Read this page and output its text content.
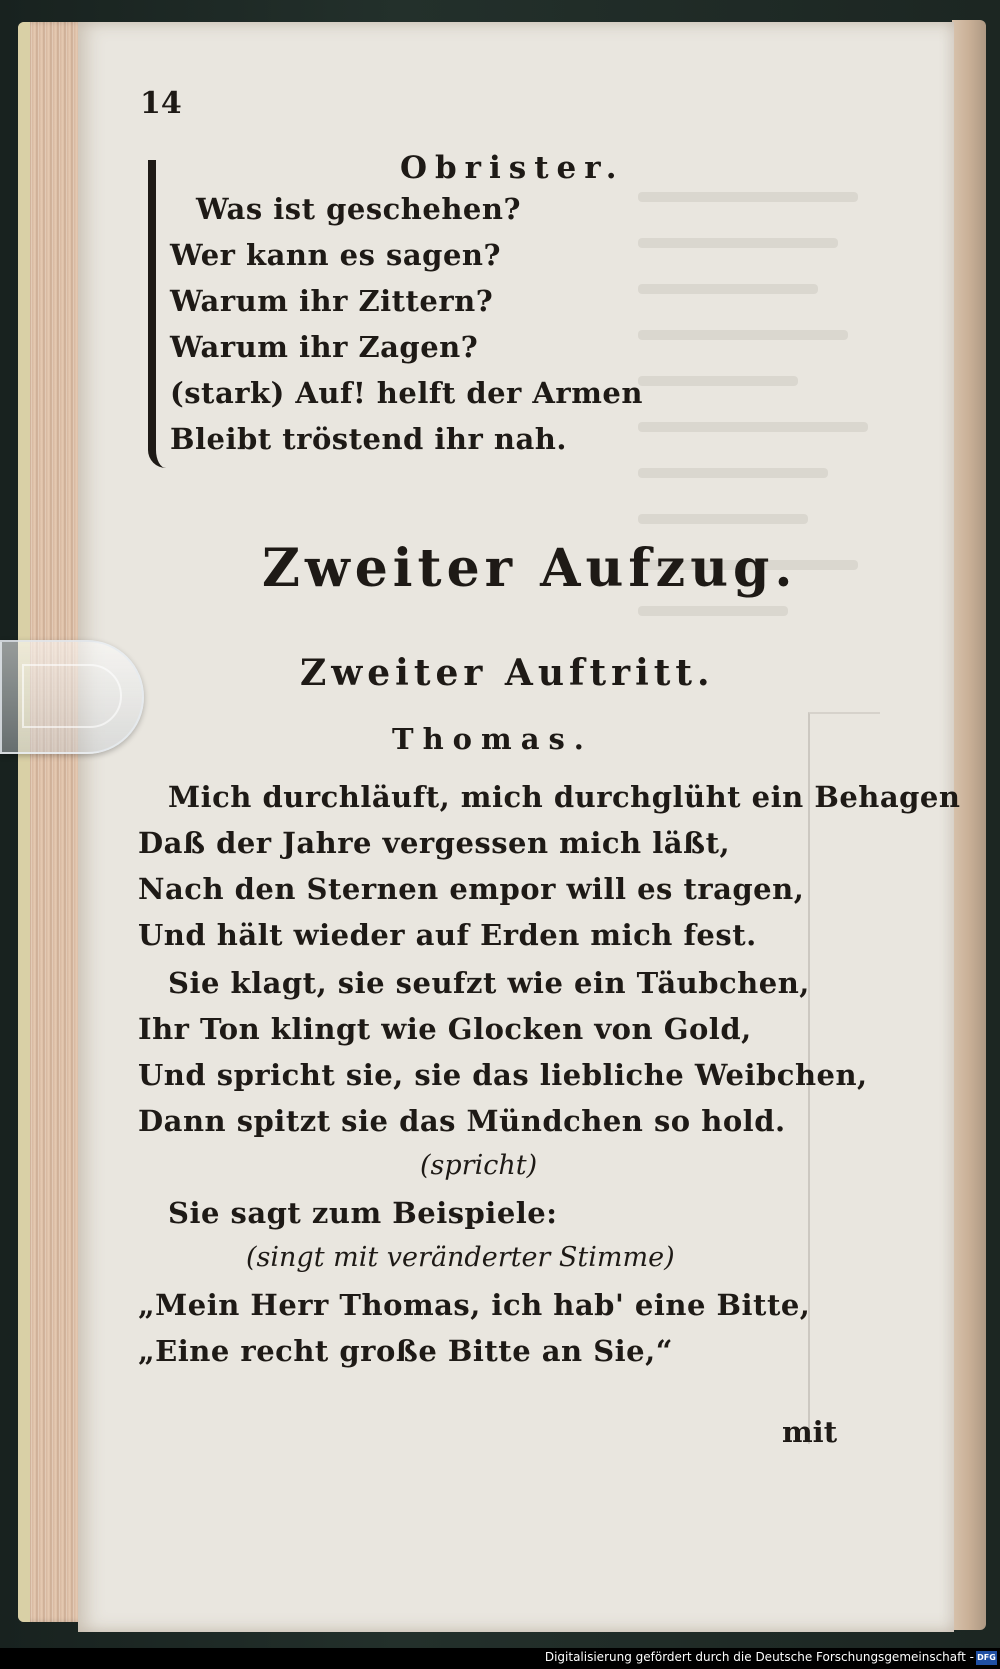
14
Obrister.
Was ist geschehen?
Wer kann es sagen?
Warum ihr Zittern?
Warum ihr Zagen?
(stark) Auf! helft der Armen
Bleibt tröstend ihr nah.
Zweiter Aufzug.
Zweiter Auftritt.
Thomas.
Mich durchläuft, mich durchglüht ein Behagen
Daß der Jahre vergessen mich läßt,
Nach den Sternen empor will es tragen,
Und hält wieder auf Erden mich fest.
Sie klagt, sie seufzt wie ein Täubchen,
Ihr Ton klingt wie Glocken von Gold,
Und spricht sie, sie das liebliche Weibchen,
Dann spitzt sie das Mündchen so hold.
(spricht)
Sie sagt zum Beispiele:
(singt mit veränderter Stimme)
„Mein Herr Thomas, ich hab' eine Bitte,
„Eine recht große Bitte an Sie,“
mit
Digitalisierung gefördert durch die Deutsche Forschungsgemeinschaft - DFG
